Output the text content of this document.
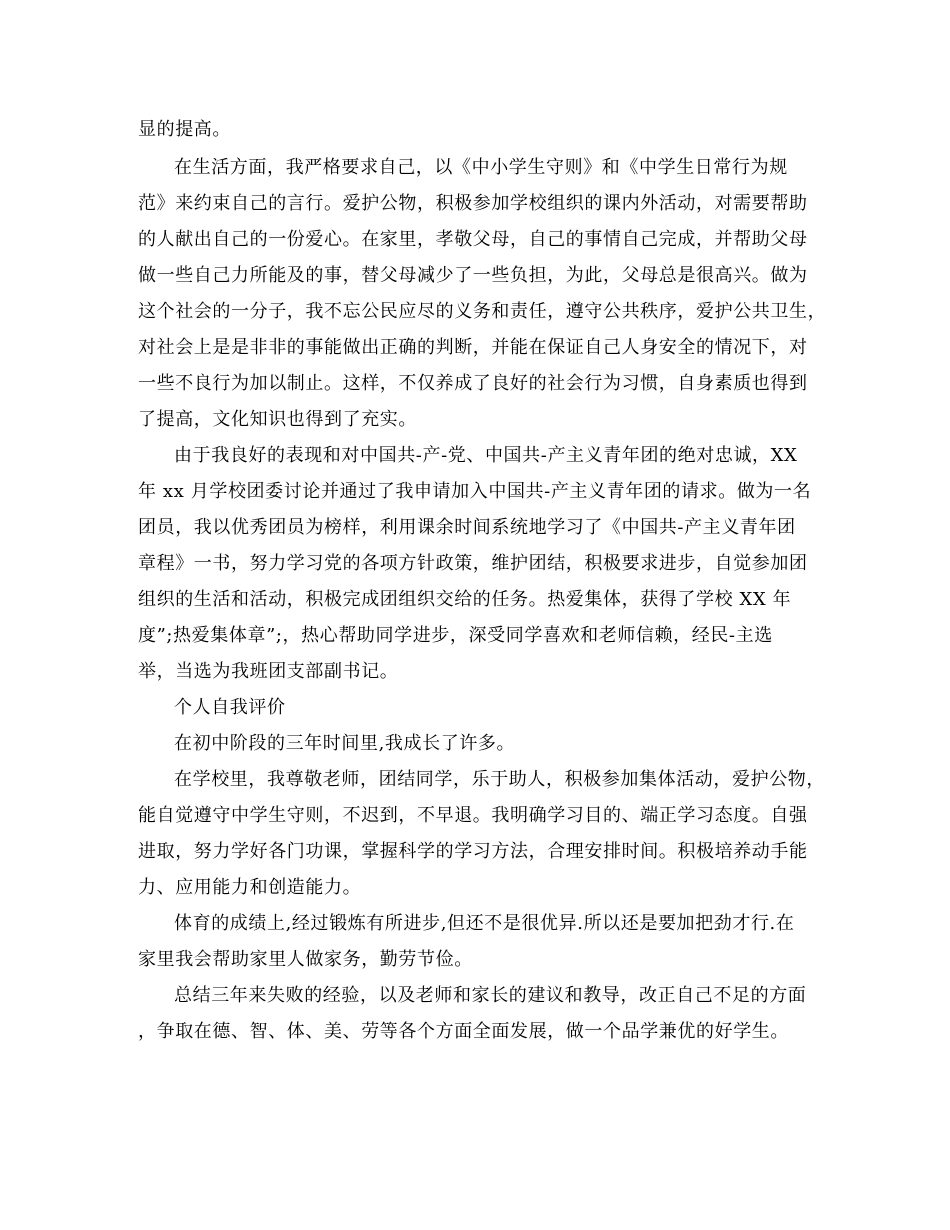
显的提高。
在生活方面，我严格要求自己，以《中小学生守则》和《中学生日常行为规
范》来约束自己的言行。爱护公物，积极参加学校组织的课内外活动，对需要帮助
的人献出自己的一份爱心。在家里，孝敬父母，自己的事情自己完成，并帮助父母
做一些自己力所能及的事，替父母减少了一些负担，为此，父母总是很高兴。做为
这个社会的一分子，我不忘公民应尽的义务和责任，遵守公共秩序，爱护公共卫生，
对社会上是是非非的事能做出正确的判断，并能在保证自己人身安全的情况下，对
一些不良行为加以制止。这样，不仅养成了良好的社会行为习惯，自身素质也得到
了提高，文化知识也得到了充实。
由于我良好的表现和对中国共-产-党、中国共-产主义青年团的绝对忠诚，XX
年 xx 月学校团委讨论并通过了我申请加入中国共-产主义青年团的请求。做为一名
团员，我以优秀团员为榜样，利用课余时间系统地学习了《中国共-产主义青年团
章程》一书，努力学习党的各项方针政策，维护团结，积极要求进步，自觉参加团
组织的生活和活动，积极完成团组织交给的任务。热爱集体，获得了学校 XX 年
度”;热爱集体章”;，热心帮助同学进步，深受同学喜欢和老师信赖，经民-主选
举，当选为我班团支部副书记。
个人自我评价
在初中阶段的三年时间里,我成长了许多。
在学校里，我尊敬老师，团结同学，乐于助人，积极参加集体活动，爱护公物，
能自觉遵守中学生守则，不迟到，不早退。我明确学习目的、端正学习态度。自强
进取，努力学好各门功课，掌握科学的学习方法，合理安排时间。积极培养动手能
力、应用能力和创造能力。
体育的成绩上,经过锻炼有所进步,但还不是很优异.所以还是要加把劲才行.在
家里我会帮助家里人做家务，勤劳节俭。
总结三年来失败的经验，以及老师和家长的建议和教导，改正自己不足的方面
，争取在德、智、体、美、劳等各个方面全面发展，做一个品学兼优的好学生。
